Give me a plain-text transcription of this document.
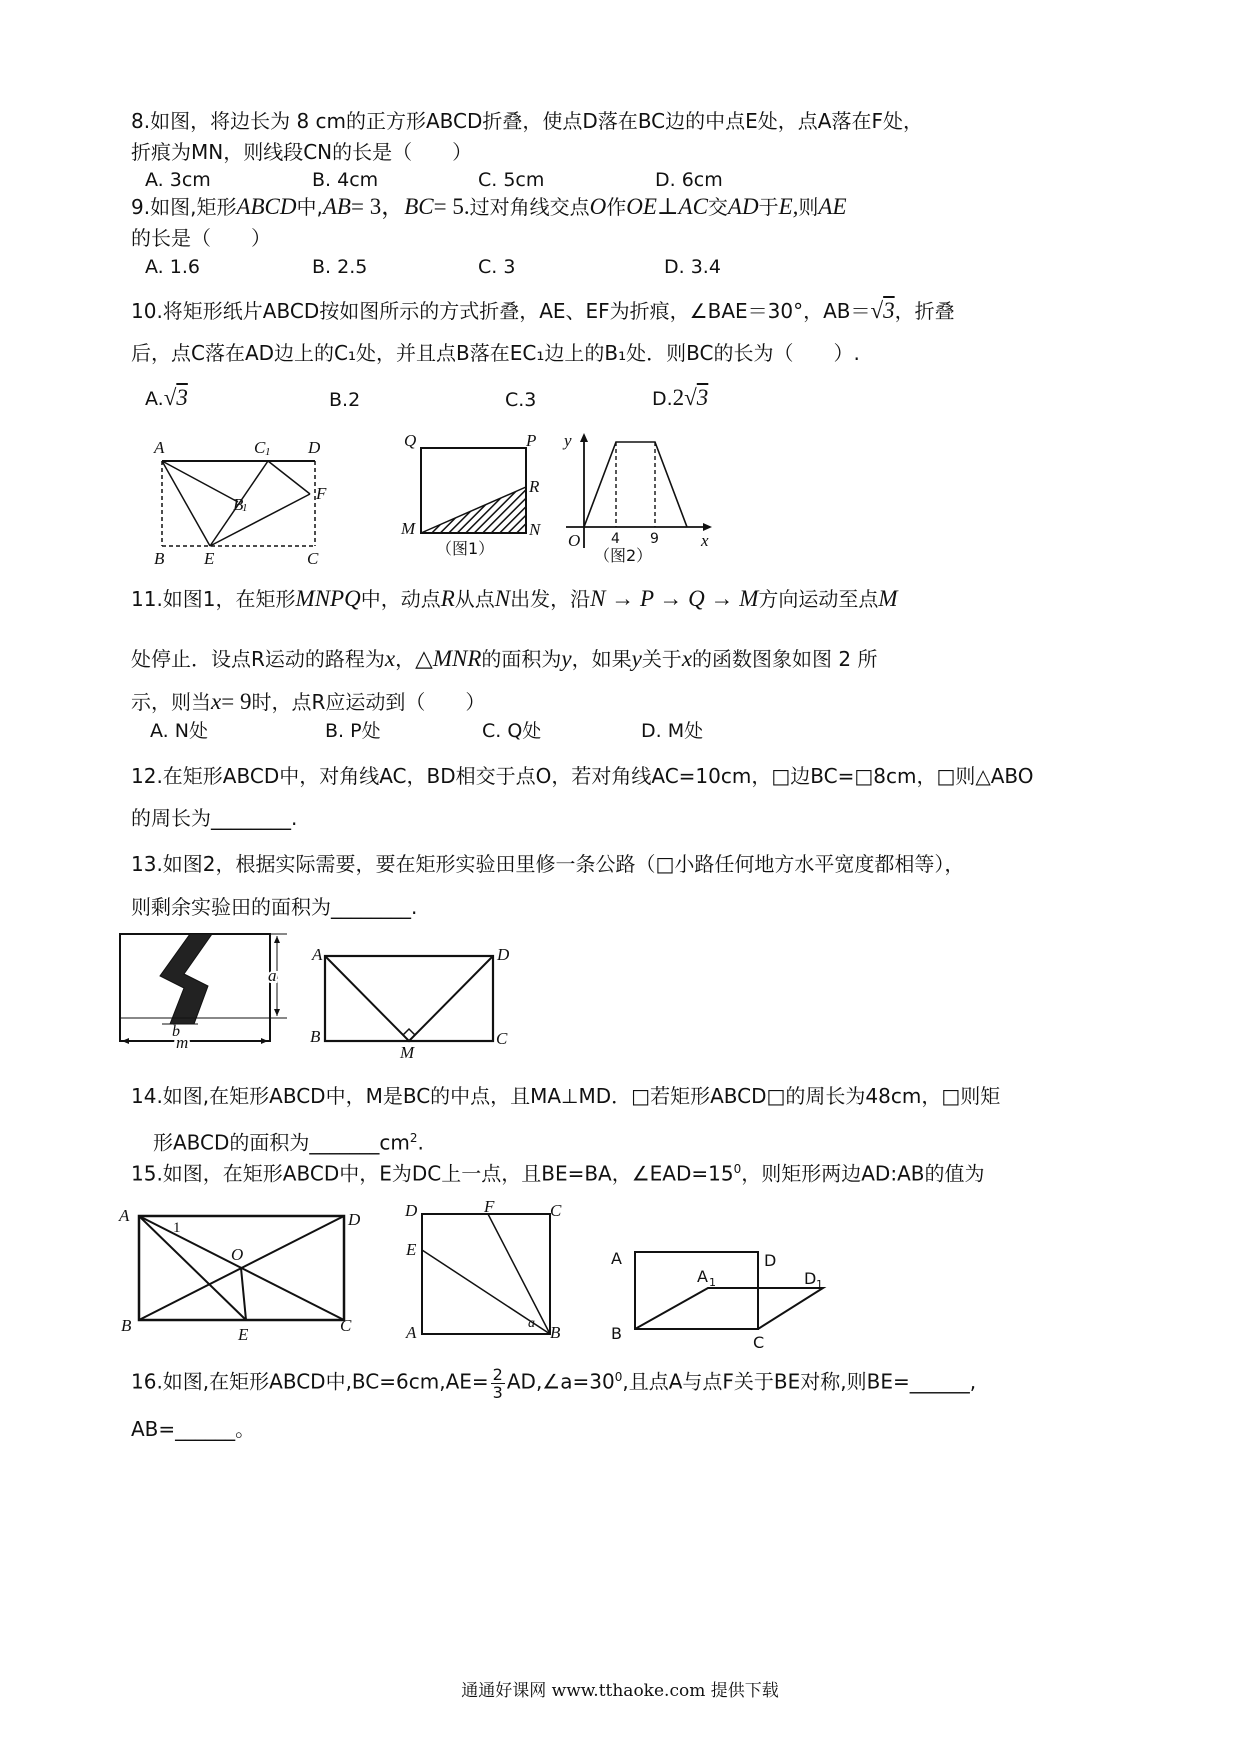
8.如图，将边长为 8 cm的正方形ABCD折叠，使点D落在BC边的中点E处，点A落在F处，
折痕为MN，则线段CN的长是（　　）
A. 3cm	B. 4cm	C. 5cm	D. 6cm
9.如图,矩形ABCD中,AB= 3，BC= 5.过对角线交点O作OE⊥AC交AD于E,则AE
的长是（　　）
A. 1.6	B. 2.5	C. 3	D. 3.4
10.将矩形纸片ABCD按如图所示的方式折叠，AE、EF为折痕，∠BAE＝30°，AB＝√3，折叠
后，点C落在AD边上的C₁处，并且点B落在EC₁边上的B₁处．则BC的长为（　　）.
A.√3	B.2	C.3	D.2√3
A	C 1 D
B
1
F
B
E	C
Q	P
R
M	N
（图1）
y
O 4 9 x
（图2）
11.如图1，在矩形MNPQ中，动点R从点N出发，沿N → P → Q → M方向运动至点M
处停止．设点R运动的路程为x，△MNR的面积为y，如果y关于x的函数图象如图 2 所
示，则当x= 9时，点R应运动到（　　）
A. N处	B. P处	C. Q处	D. M处
12.在矩形ABCD中，对角线AC，BD相交于点O，若对角线AC=10cm，□边BC=□8cm，□则△ABO
的周长为________.
13.如图2，根据实际需要，要在矩形实验田里修一条公路（□小路任何地方水平宽度都相等），
则剩余实验田的面积为________.
a
b
m
A	D
B
M
C
14.如图,在矩形ABCD中，M是BC的中点，且MA⊥MD．□若矩形ABCD□的周长为48cm，□则矩
形ABCD的面积为$\_\_\_\_\_\_\_cm^2$.
15.如图，在矩形ABCD中，E为DC上一点，且BE=BA，$\angle EAD=15^0$，则矩形两边AD:AB的值为
A
1	D
O
B	E	C
D	F	C
E
a
A	B
A	D
A 1	D 1
B	C
16.如图,在矩形ABCD中$,BC=6cm,AE= \frac{2}{3}$ $AD,\angle a=30^0$,且点A与点F关于BE对称,则BE=______,
AB=______。
通通好课网 www.tthaoke.com 提供下载
